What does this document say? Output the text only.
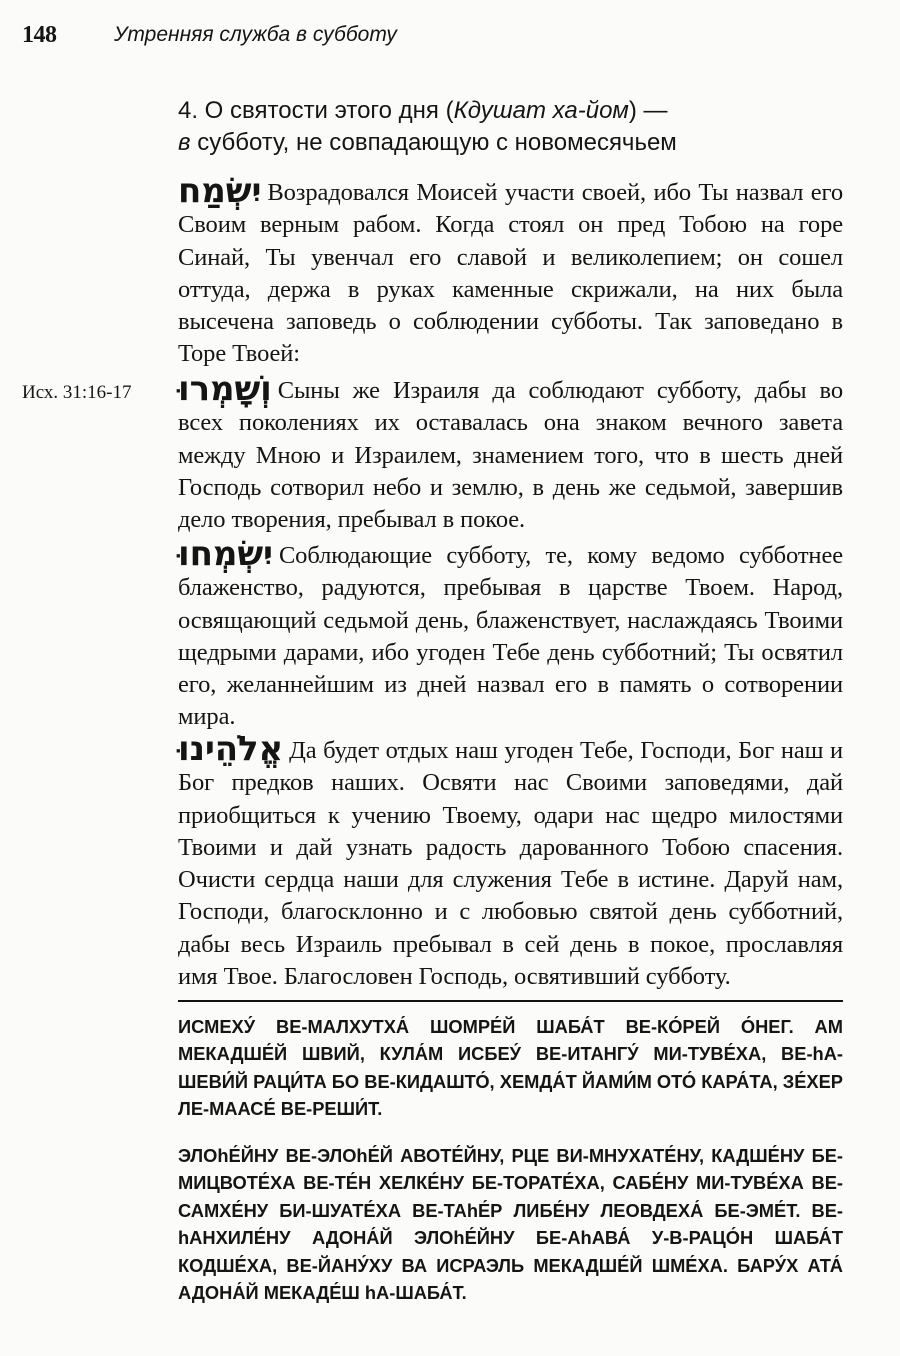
148	Утренняя служба в субботу
4. О святости этого дня (Кдушат ха-йом) —
в субботу, не совпадающую с новомесячьем
Исх. 31:16-17
יִשְׂמַח Возрадовался Моисей участи своей, ибо Ты назвал его Своим верным рабом. Когда стоял он пред Тобою на горе Синай, Ты увенчал его славой и великолепием; он сошел оттуда, держа в руках каменные скрижали, на них была высечена заповедь о соблюдении субботы. Так заповедано в Торе Твоей:
וְשָׁמְרוּ Сыны же Израиля да соблюдают субботу, дабы во всех поколениях их оставалась она знаком вечного завета между Мною и Израилем, знамением того, что в шесть дней Господь сотворил небо и землю, в день же седьмой, завершив дело творения, пребывал в покое.
יִשְׂמְחוּ Соблюдающие субботу, те, кому ведомо субботнее блаженство, радуются, пребывая в царстве Твоем. Народ, освящающий седьмой день, блаженствует, наслаждаясь Твоими щедрыми дарами, ибо угоден Тебе день субботний; Ты освятил его, желаннейшим из дней назвал его в память о сотворении мира.
אֱלֹהֵינוּ Да будет отдых наш угоден Тебе, Господи, Бог наш и Бог предков наших. Освяти нас Своими заповедями, дай приобщиться к учению Твоему, одари нас щедро милостями Твоими и дай узнать радость дарованного Тобою спасения. Очисти сердца наши для служения Тебе в истине. Даруй нам, Господи, благосклонно и с любовью святой день субботний, дабы весь Израиль пребывал в сей день в покое, прославляя имя Твое. Благословен Господь, освятивший субботу.
ИСМЕХУ́ ВЕ-МАЛХУТХА́ ШОМРЕ́Й ШАБА́Т ВЕ-КО́РЕЙ О́НЕГ. АМ МЕКАДШЕ́Й ШВИЙ, КУЛА́М ИСБЕУ́ ВЕ-ИТАНГУ́ МИ-ТУВЕ́ХА, ВЕ-hА-ШЕВИ́Й РАЦИ́ТА БО ВЕ-КИДАШТО́, ХЕМДА́Т ЙАМИ́М ОТО́ КАРА́ТА, ЗЕ́ХЕР ЛЕ-МААСЕ́ ВЕ-РЕШИ́Т.
ЭЛОhЕ́ЙНУ ВЕ-ЭЛОhЕ́Й АВОТЕ́ЙНУ, РЦЕ ВИ-МНУХАТЕ́НУ, КАДШЕ́НУ БЕ-МИЦВОТЕ́ХА ВЕ-ТЕ́Н ХЕЛКЕ́НУ БЕ-ТОРАТЕ́ХА, САБЕ́НУ МИ-ТУВЕ́ХА ВЕ-САМХЕ́НУ БИ-ШУАТЕ́ХА ВЕ-ТАhЕ́Р ЛИБЕ́НУ ЛЕОВДЕХА́ БЕ-ЭМЕ́Т. ВЕ-hАНХИЛЕ́НУ АДОНА́Й ЭЛОhЕ́ЙНУ БЕ-АhАВА́ У-В-РАЦО́Н ШАБА́Т КОДШЕ́ХА, ВЕ-ЙАНУ́ХУ ВА ИСРАЭЛЬ МЕКАДШЕ́Й ШМЕ́ХА. БАРУ́Х АТА́ АДОНА́Й МЕКАДЕ́Ш hА-ШАБА́Т.
